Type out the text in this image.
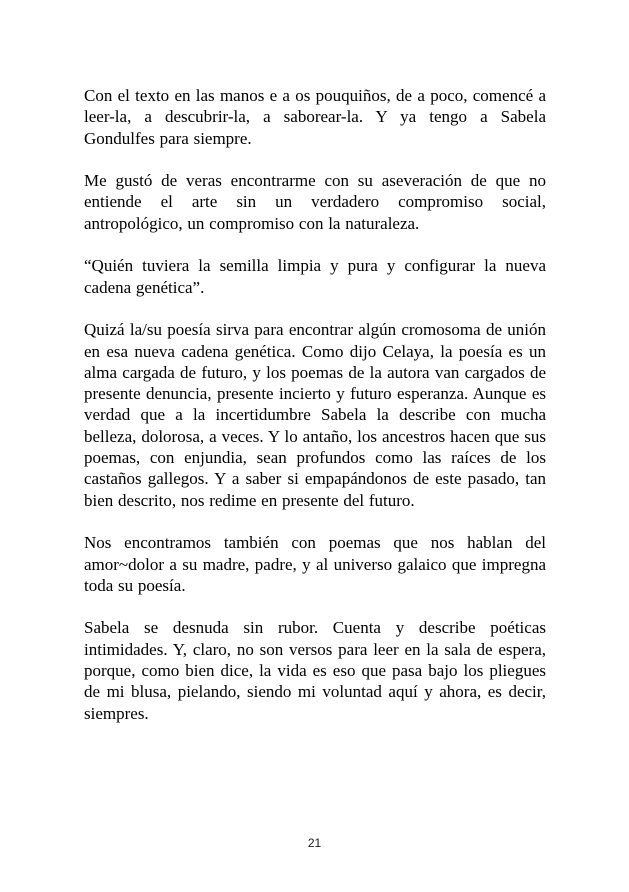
Con el texto en las manos e a os pouquiños, de a poco, comencé a leer-la, a descubrir-la, a saborear-la. Y ya tengo a Sabela Gondulfes para siempre.

Me gustó de veras encontrarme con su aseveración de que no entiende el arte sin un verdadero compromiso social, antropológico, un compromiso con la naturaleza.

“Quién tuviera la semilla limpia y pura y configurar la nueva cadena genética”.

Quizá la/su poesía sirva para encontrar algún cromosoma de unión en esa nueva cadena genética. Como dijo Celaya, la poesía es un alma cargada de futuro, y los poemas de la autora van cargados de presente denuncia, presente incierto y futuro esperanza. Aunque es verdad que a la incertidumbre Sabela la describe con mucha belleza, dolorosa, a veces. Y lo antaño, los ancestros hacen que sus poemas, con enjundia, sean profundos como las raíces de los castaños gallegos. Y a saber si empapándonos de este pasado, tan bien descrito, nos redime en presente del futuro.

Nos encontramos también con poemas que nos hablan del amor~dolor a su madre, padre, y al universo galaico que impregna toda su poesía.

Sabela se desnuda sin rubor. Cuenta y describe poéticas intimidades. Y, claro, no son versos para leer en la sala de espera, porque, como bien dice, la vida es eso que pasa bajo los pliegues de mi blusa, pielando, siendo mi voluntad aquí y ahora, es decir, siempres.

21
